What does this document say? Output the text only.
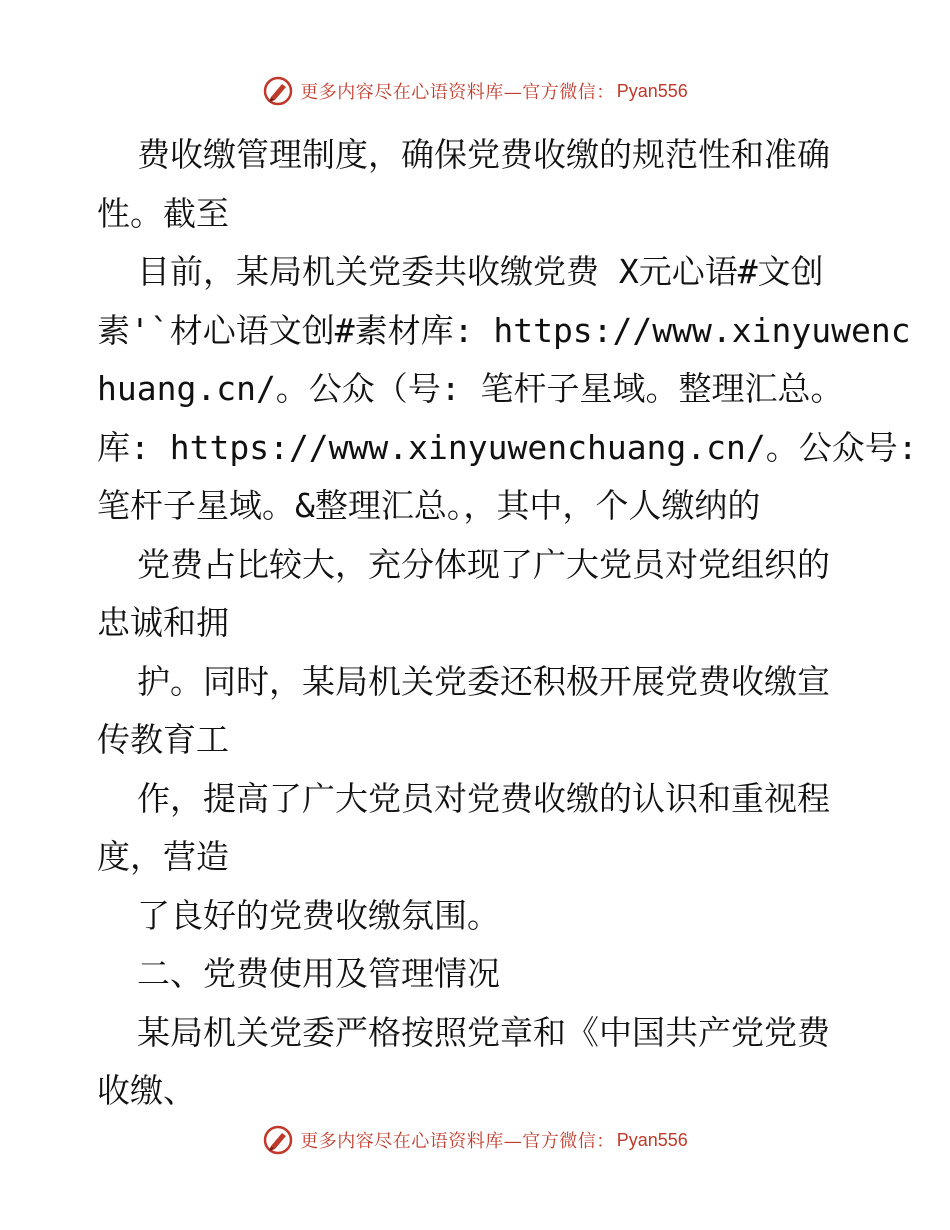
更多内容尽在心语资料库—官方微信： Pyan556
费收缴管理制度，确保党费收缴的规范性和准确
性。截至
目前，某局机关党委共收缴党费 X元心语#文创
素'`材心语文创#素材库: https://www.xinyuwenc
huang.cn/。公众（号: 笔杆子星域。整理汇总。
库: https://www.xinyuwenchuang.cn/。公众号:
笔杆子星域。&整理汇总。，其中，个人缴纳的
党费占比较大，充分体现了广大党员对党组织的
忠诚和拥
护。同时，某局机关党委还积极开展党费收缴宣
传教育工
作，提高了广大党员对党费收缴的认识和重视程
度，营造
了良好的党费收缴氛围。
二、党费使用及管理情况
某局机关党委严格按照党章和《中国共产党党费
收缴、
更多内容尽在心语资料库—官方微信： Pyan556
